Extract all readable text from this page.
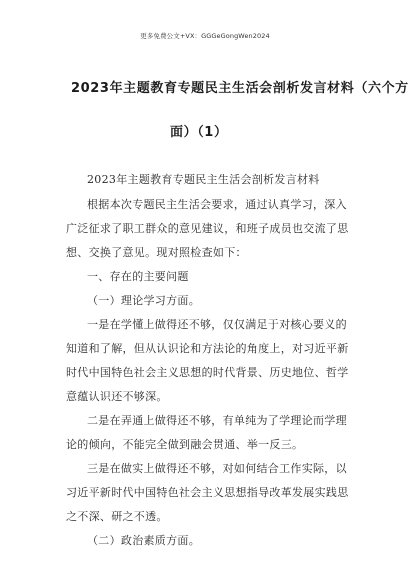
更多免费公文+VX：GGGeGongWen2024
2023年主题教育专题民主生活会剖析发言材料（六个方
面）（1）
2023年主题教育专题民主生活会剖析发言材料
根据本次专题民主生活会要求，通过认真学习，深入
广泛征求了职工群众的意见建议，和班子成员也交流了思
想、交换了意见。现对照检查如下：
一、存在的主要问题
（一）理论学习方面。
一是在学懂上做得还不够，仅仅满足于对核心要义的
知道和了解，但从认识论和方法论的角度上，对习近平新
时代中国特色社会主义思想的时代背景、历史地位、哲学
意蕴认识还不够深。
二是在弄通上做得还不够，有单纯为了学理论而学理
论的倾向，不能完全做到融会贯通、举一反三。
三是在做实上做得还不够，对如何结合工作实际，以
习近平新时代中国特色社会主义思想指导改革发展实践思
之不深、研之不透。
（二）政治素质方面。
